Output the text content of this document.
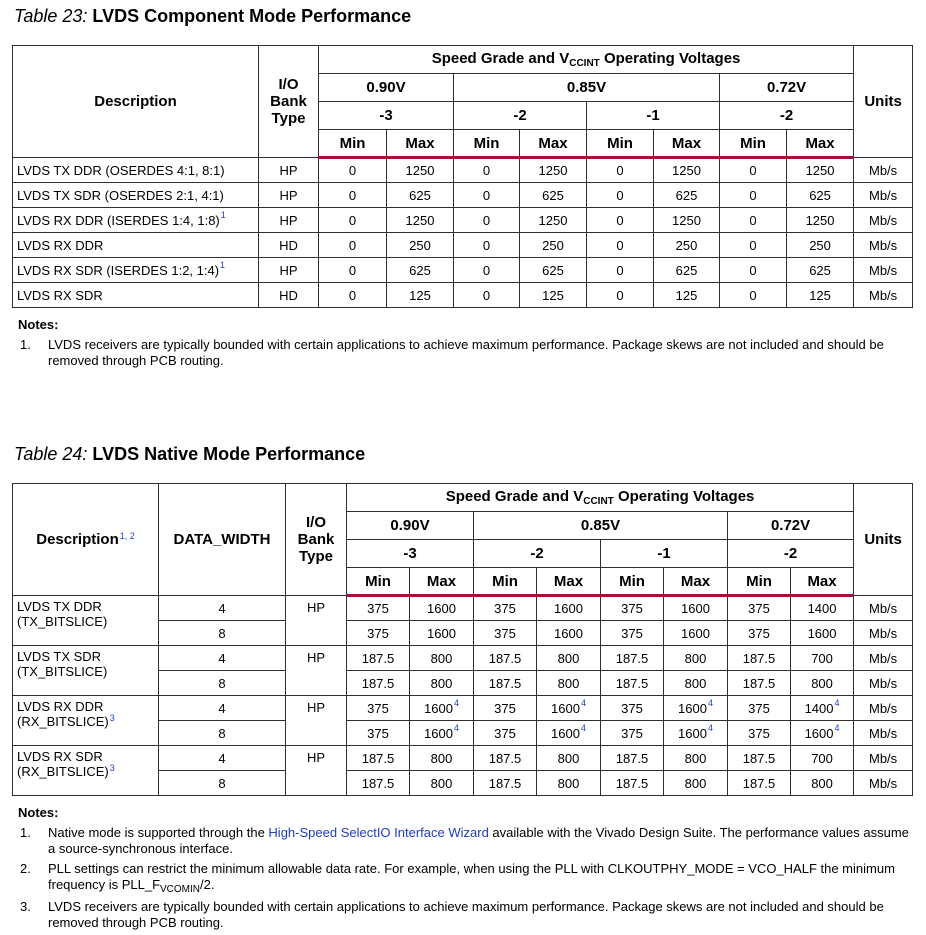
Table 23: LVDS Component Mode Performance
Description	I/O Bank Type	Speed Grade and $V_{CCINT}$ Operating Voltages								Units
		0.90V		0.85V				0.72V		
		-3		-2		-1		-2		
		Min	Max	Min	Max	Min	Max	Min	Max	
LVDS TX DDR (OSERDES 4:1, 8:1)	HP	0	1250	0	1250	0	1250	0	1250	Mb/s
LVDS TX SDR (OSERDES 2:1, 4:1)	HP	0	625	0	625	0	625	0	625	Mb/s
LVDS RX DDR (ISERDES 1:4, 1:8)$^1$	HP	0	1250	0	1250	0	1250	0	1250	Mb/s
LVDS RX DDR	HD	0	250	0	250	0	250	0	250	Mb/s
LVDS RX SDR (ISERDES 1:2, 1:4)$^1$	HP	0	625	0	625	0	625	0	625	Mb/s
LVDS RX SDR	HD	0	125	0	125	0	125	0	125	Mb/s
Notes:
1. LVDS receivers are typically bounded with certain applications to achieve maximum performance. Package skews are not included and should be removed through PCB routing.
Table 24: LVDS Native Mode Performance
Description$^{1, 2}$	DATA_WIDTH	I/O Bank Type	Speed Grade and $V_{CCINT}$ Operating Voltages								Units
			0.90V		0.85V				0.72V		
			-3		-2		-1		-2		
			Min	Max	Min	Max	Min	Max	Min	Max	
LVDS TX DDR (TX_BITSLICE)	4	HP	375	1600	375	1600	375	1600	375	1400	Mb/s
	8		375	1600	375	1600	375	1600	375	1600	Mb/s
LVDS TX SDR (TX_BITSLICE)	4	HP	187.5	800	187.5	800	187.5	800	187.5	700	Mb/s
	8		187.5	800	187.5	800	187.5	800	187.5	800	Mb/s
LVDS RX DDR (RX_BITSLICE)$^3$	4	HP	375	1600$^4$	375	1600$^4$	375	1600$^4$	375	1400$^4$	Mb/s
	8		375	1600$^4$	375	1600$^4$	375	1600$^4$	375	1600$^4$	Mb/s
LVDS RX SDR (RX_BITSLICE)$^3$	4	HP	187.5	800	187.5	800	187.5	800	187.5	700	Mb/s
	8		187.5	800	187.5	800	187.5	800	187.5	800	Mb/s
Notes:
1. Native mode is supported through the High-Speed SelectIO Interface Wizard available with the Vivado Design Suite. The performance values assume a source-synchronous interface.
2. PLL settings can restrict the minimum allowable data rate. For example, when using the PLL with CLKOUTPHY_MODE = VCO_HALF the minimum frequency is $PLL\_F_{VCOMIN}/2$.
3. LVDS receivers are typically bounded with certain applications to achieve maximum performance. Package skews are not included and should be removed through PCB routing.
